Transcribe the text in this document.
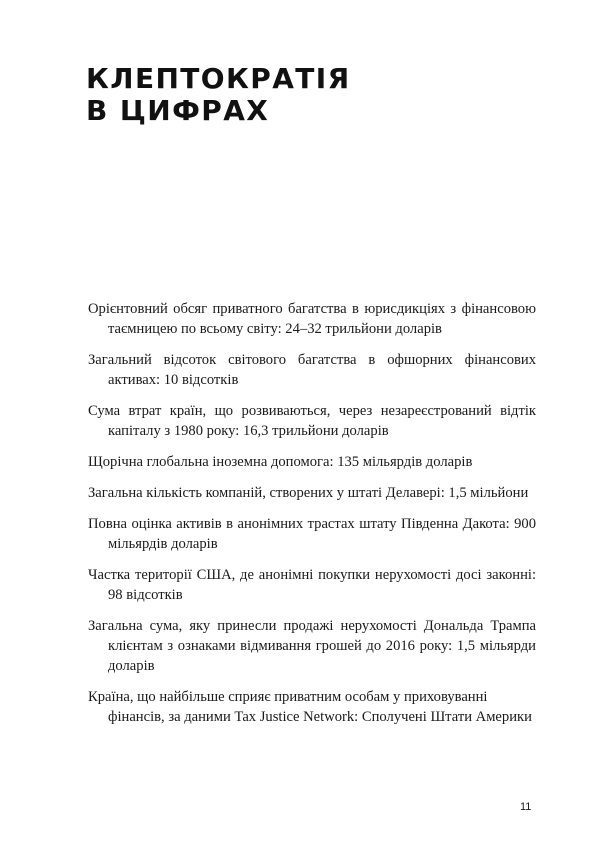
КЛЕПТОКРАТІЯ
В ЦИФРАХ
Орієнтовний обсяг приватного багатства в юрисдикціях з фінансовою таємницею по всьому світу: 24–32 трильйони доларів
Загальний відсоток світового багатства в офшорних фінансових активах: 10 відсотків
Сума втрат країн, що розвиваються, через незареєстрований відтік капіталу з 1980 року: 16,3 трильйони доларів
Щорічна глобальна іноземна допомога: 135 мільярдів доларів
Загальна кількість компаній, створених у штаті Делавері: 1,5 мільйони
Повна оцінка активів в анонімних трастах штату Південна Дакота: 900 мільярдів доларів
Частка території США, де анонімні покупки нерухомості досі законні: 98 відсотків
Загальна сума, яку принесли продажі нерухомості Дональда Трампа клієнтам з ознаками відмивання грошей до 2016 року: 1,5 мільярди доларів
Країна, що найбільше сприяє приватним особам у приховуванні фінансів, за даними Tax Justice Network: Сполучені Штати Америки
11
